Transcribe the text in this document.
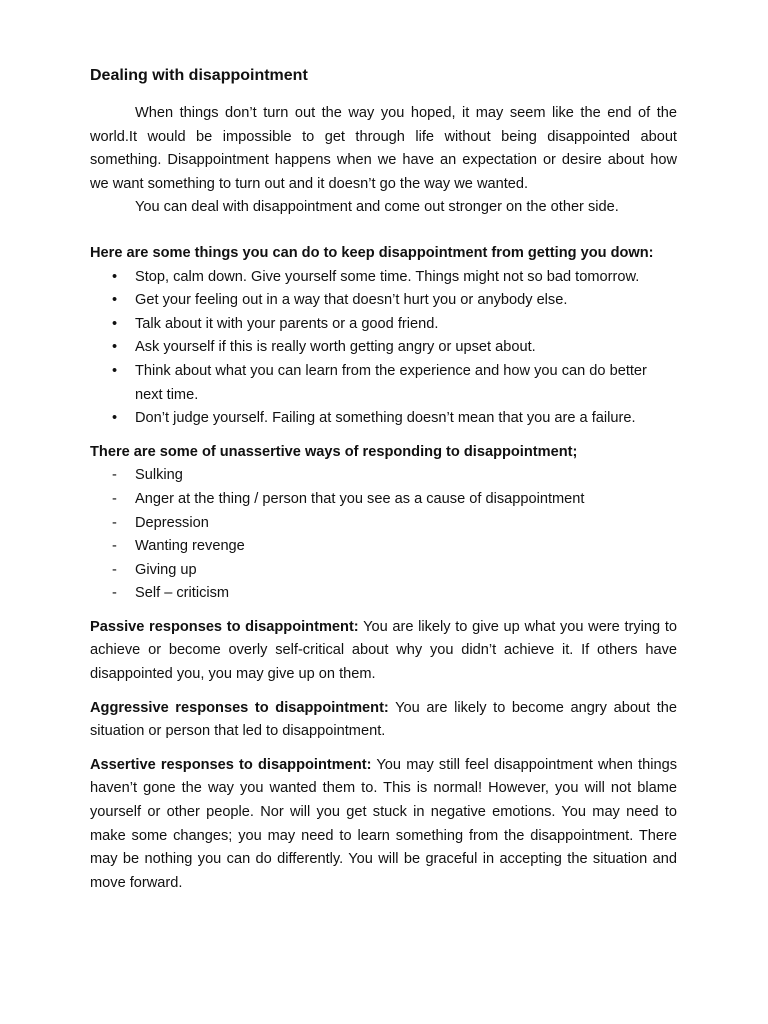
Dealing with disappointment

When things don’t turn out the way you hoped, it may seem like the end of the world.It would be impossible to get through life without being disappointed about something. Disappointment happens when we have an expectation or desire about how we want something to turn out and it doesn’t go the way we wanted.

You can deal with disappointment and come out stronger on the other side.

Here are some things you can do to keep disappointment from getting you down:

• Stop, calm down. Give yourself some time. Things might not so bad tomorrow.
• Get your feeling out in a way that doesn’t hurt you or anybody else.
• Talk about it with your parents or a good friend.
• Ask yourself if this is really worth getting angry or upset about.
• Think about what you can learn from the experience and how you can do better next time.
• Don’t judge yourself. Failing at something doesn’t mean that you are a failure.

There are some of unassertive ways of responding to disappointment;

- Sulking
- Anger at the thing / person that you see as a cause of disappointment
- Depression
- Wanting revenge
- Giving up
- Self – criticism

Passive responses to disappointment: You are likely to give up what you were trying to achieve or become overly self-critical about why you didn’t achieve it. If others have disappointed you, you may give up on them.

Aggressive responses to disappointment: You are likely to become angry about the situation or person that led to disappointment.

Assertive responses to disappointment: You may still feel disappointment when things haven’t gone the way you wanted them to. This is normal! However, you will not blame yourself or other people. Nor will you get stuck in negative emotions. You may need to make some changes; you may need to learn something from the disappointment. There may be nothing you can do differently. You will be graceful in accepting the situation and move forward.
